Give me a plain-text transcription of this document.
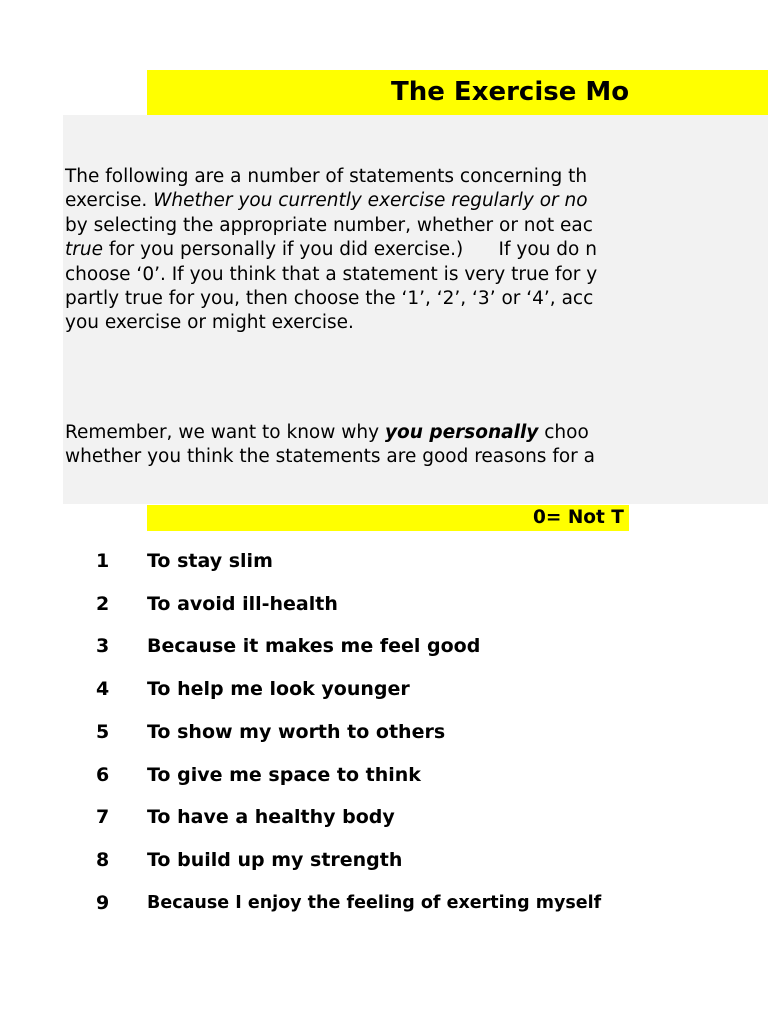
The Exercise Mo
The following are a number of statements concerning th
exercise. Whether you currently exercise regularly or no
by selecting the appropriate number, whether or not eac
true for you personally if you did exercise.)      If you do n
choose ‘0’. If you think that a statement is very true for y
partly true for you, then choose the ‘1’, ‘2’, ‘3’ or ‘4’, acc
you exercise or might exercise.
Remember, we want to know why you personally choo
whether you think the statements are good reasons for a
0= Not T
1 To stay slim
2 To avoid ill-health
3 Because it makes me feel good
4 To help me look younger
5 To show my worth to others
6 To give me space to think
7 To have a healthy body
8 To build up my strength
9 Because I enjoy the feeling of exerting myself
